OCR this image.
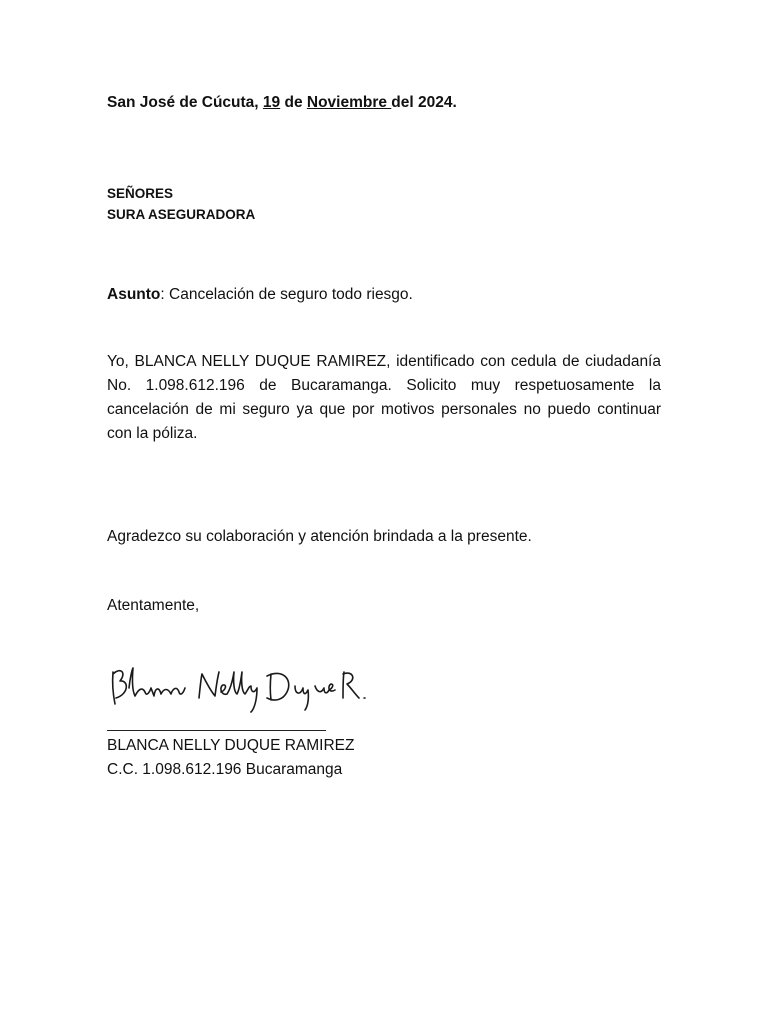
San José de Cúcuta, 19 de Noviembre del 2024.
SEÑORES
SURA ASEGURADORA
Asunto: Cancelación de seguro todo riesgo.
Yo, BLANCA NELLY DUQUE RAMIREZ, identificado con cedula de ciudadanía No. 1.098.612.196 de Bucaramanga. Solicito muy respetuosamente la cancelación de mi seguro ya que por motivos personales no puedo continuar con la póliza.
Agradezco su colaboración y atención brindada a la presente.
Atentamente,
BLANCA NELLY DUQUE RAMIREZ
C.C. 1.098.612.196 Bucaramanga
